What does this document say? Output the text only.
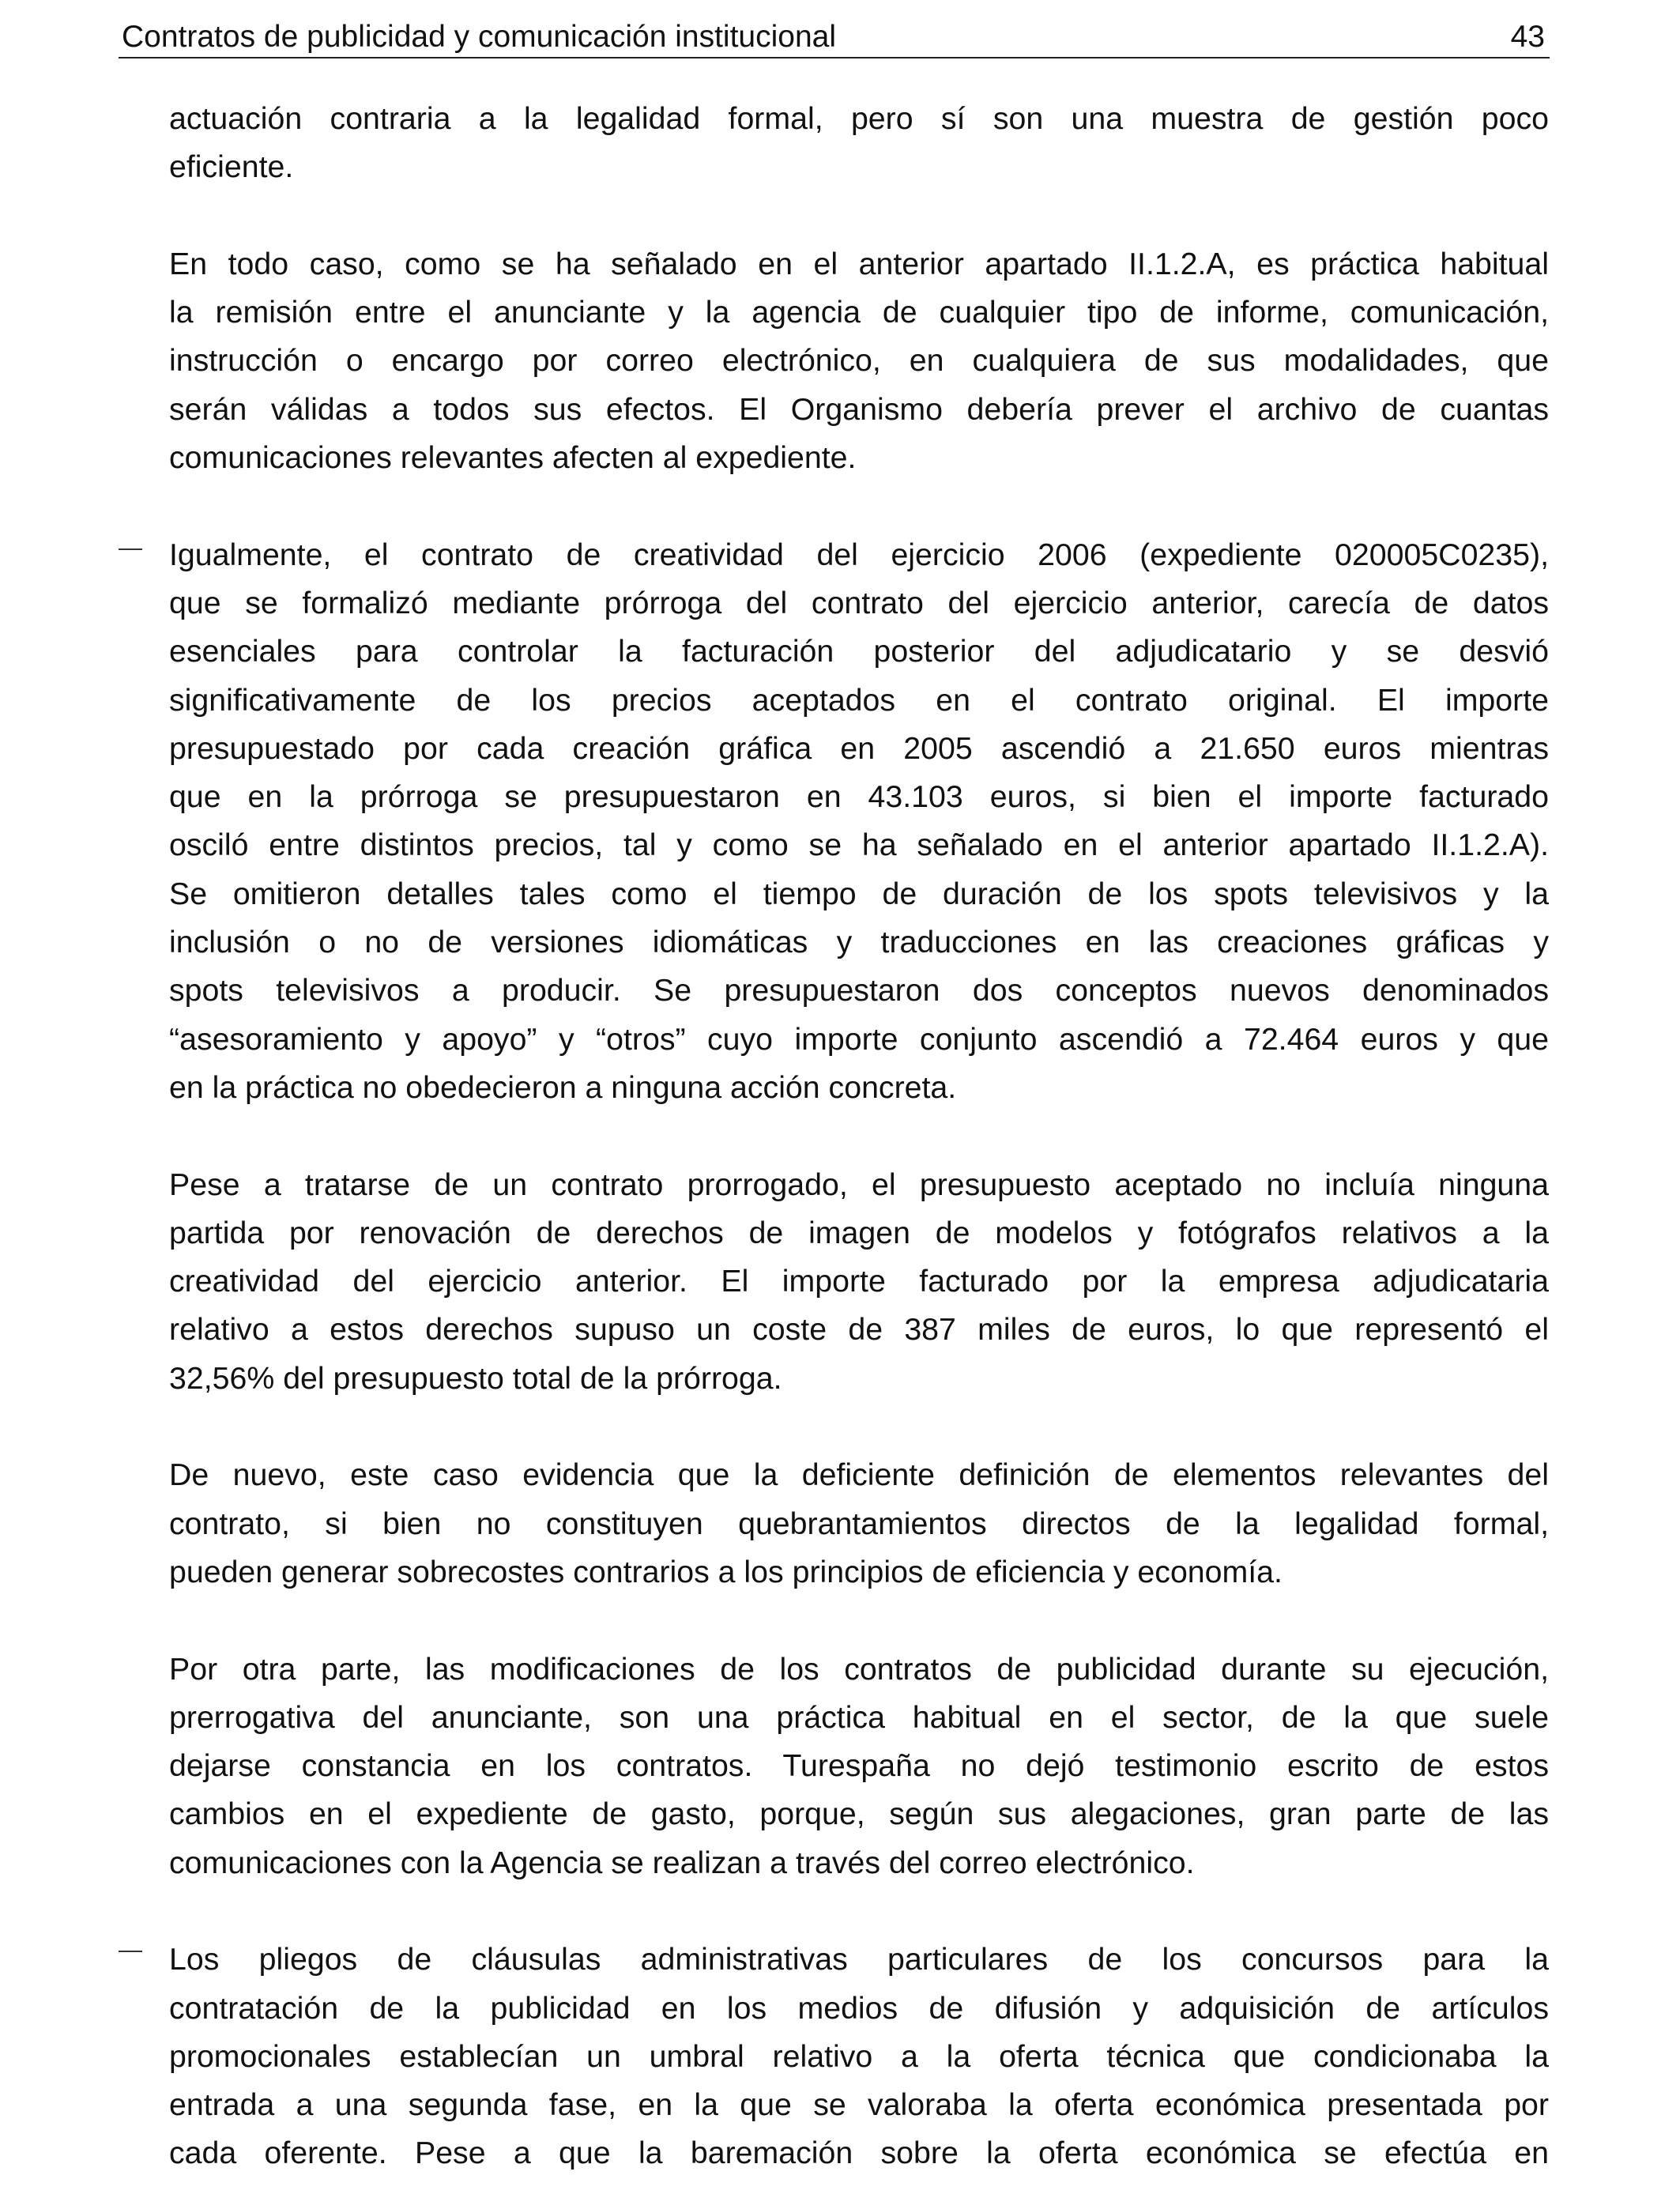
Contratos de publicidad y comunicación institucional	43
actuación contraria a la legalidad formal, pero sí son una muestra de gestión poco
eficiente.
En todo caso, como se ha señalado en el anterior apartado II.1.2.A, es práctica habitual
la remisión entre el anunciante y la agencia de cualquier tipo de informe, comunicación,
instrucción o encargo por correo electrónico, en cualquiera de sus modalidades, que
serán válidas a todos sus efectos. El Organismo debería prever el archivo de cuantas
comunicaciones relevantes afecten al expediente.
Igualmente, el contrato de creatividad del ejercicio 2006 (expediente 020005C0235),
que se formalizó mediante prórroga del contrato del ejercicio anterior, carecía de datos
esenciales para controlar la facturación posterior del adjudicatario y se desvió
significativamente de los precios aceptados en el contrato original. El importe
presupuestado por cada creación gráfica en 2005 ascendió a 21.650 euros mientras
que en la prórroga se presupuestaron en 43.103 euros, si bien el importe facturado
osciló entre distintos precios, tal y como se ha señalado en el anterior apartado II.1.2.A).
Se omitieron detalles tales como el tiempo de duración de los spots televisivos y la
inclusión o no de versiones idiomáticas y traducciones en las creaciones gráficas y
spots televisivos a producir. Se presupuestaron dos conceptos nuevos denominados
“asesoramiento y apoyo” y “otros” cuyo importe conjunto ascendió a 72.464 euros y que
en la práctica no obedecieron a ninguna acción concreta.
Pese a tratarse de un contrato prorrogado, el presupuesto aceptado no incluía ninguna
partida por renovación de derechos de imagen de modelos y fotógrafos relativos a la
creatividad del ejercicio anterior. El importe facturado por la empresa adjudicataria
relativo a estos derechos supuso un coste de 387 miles de euros, lo que representó el
32,56% del presupuesto total de la prórroga.
De nuevo, este caso evidencia que la deficiente definición de elementos relevantes del
contrato, si bien no constituyen quebrantamientos directos de la legalidad formal,
pueden generar sobrecostes contrarios a los principios de eficiencia y economía.
Por otra parte, las modificaciones de los contratos de publicidad durante su ejecución,
prerrogativa del anunciante, son una práctica habitual en el sector, de la que suele
dejarse constancia en los contratos. Turespaña no dejó testimonio escrito de estos
cambios en el expediente de gasto, porque, según sus alegaciones, gran parte de las
comunicaciones con la Agencia se realizan a través del correo electrónico.
Los pliegos de cláusulas administrativas particulares de los concursos para la
contratación de la publicidad en los medios de difusión y adquisición de artículos
promocionales establecían un umbral relativo a la oferta técnica que condicionaba la
entrada a una segunda fase, en la que se valoraba la oferta económica presentada por
cada oferente. Pese a que la baremación sobre la oferta económica se efectúa en
